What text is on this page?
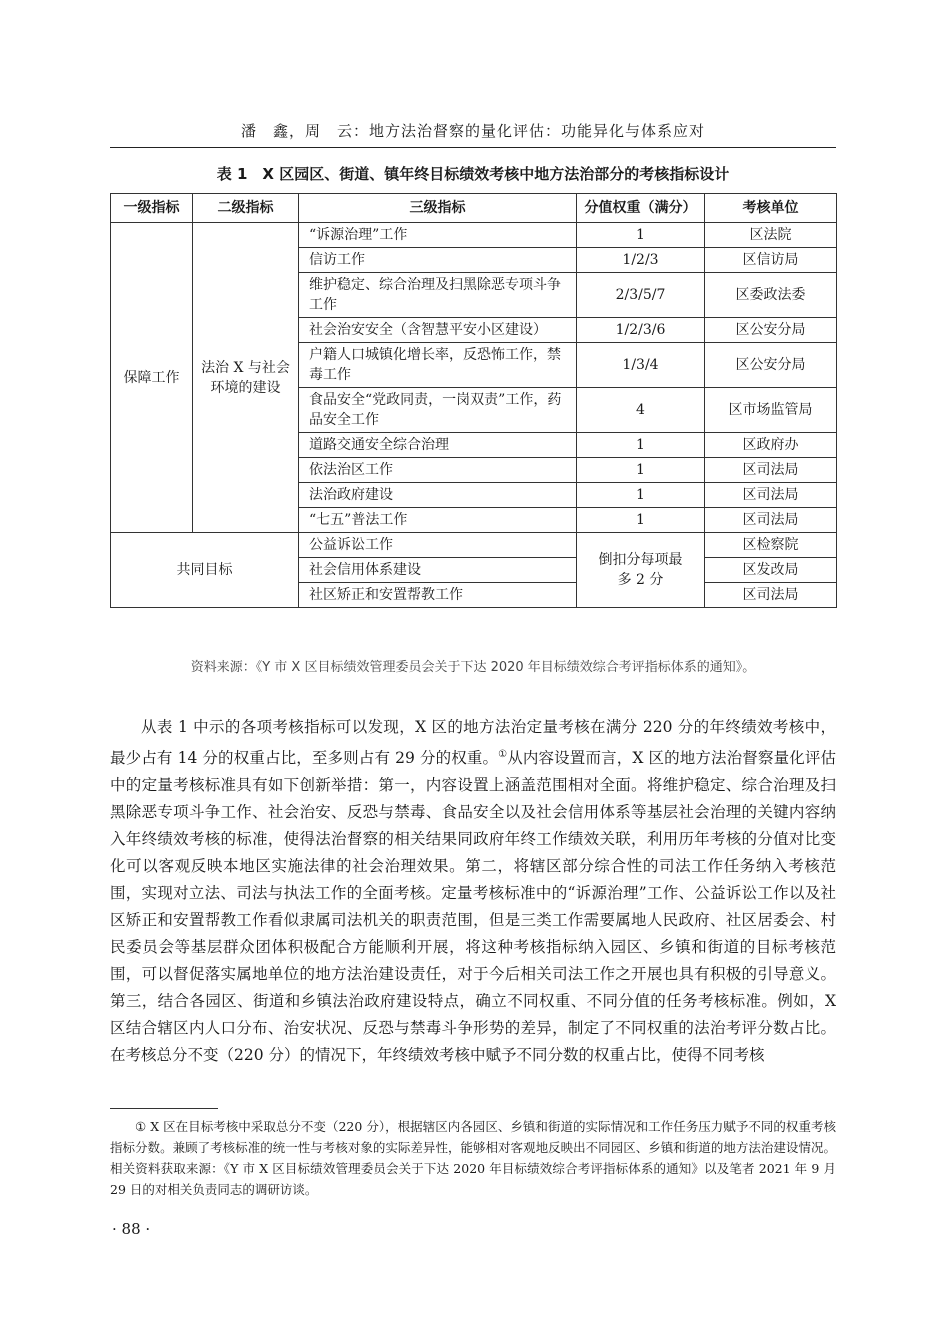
潘　鑫，周　云：地方法治督察的量化评估：功能异化与体系应对
表 1　X 区园区、街道、镇年终目标绩效考核中地方法治部分的考核指标设计
一级指标	二级指标	三级指标	分值权重（满分）	考核单位
保障工作	法治 X 与社会环境的建设	“诉源治理”工作	1	区法院
		信访工作	1/2/3	区信访局
		维护稳定、综合治理及扫黑除恶专项斗争工作	2/3/5/7	区委政法委
		社会治安安全（含智慧平安小区建设）	1/2/3/6	区公安分局
		户籍人口城镇化增长率，反恐怖工作，禁毒工作	1/3/4	区公安分局
		食品安全“党政同责，一岗双责”工作，药品安全工作	4	区市场监管局
		道路交通安全综合治理	1	区政府办
		依法治区工作	1	区司法局
		法治政府建设	1	区司法局
		“七五”普法工作	1	区司法局
共同目标		公益诉讼工作	倒扣分每项最多 2 分	区检察院
		社会信用体系建设		区发改局
		社区矫正和安置帮教工作		区司法局
资料来源：《Y 市 X 区目标绩效管理委员会关于下达 2020 年目标绩效综合考评指标体系的通知》。

从表 1 中示的各项考核指标可以发现，X 区的地方法治定量考核在满分 220 分的年终绩效考核中，最少占有 14 分的权重占比，至多则占有 29 分的权重。①从内容设置而言，X 区的地方法治督察量化评估中的定量考核标准具有如下创新举措：第一，内容设置上涵盖范围相对全面。将维护稳定、综合治理及扫黑除恶专项斗争工作、社会治安、反恐与禁毒、食品安全以及社会信用体系等基层社会治理的关键内容纳入年终绩效考核的标准，使得法治督察的相关结果同政府年终工作绩效关联，利用历年考核的分值对比变化可以客观反映本地区实施法律的社会治理效果。第二，将辖区部分综合性的司法工作任务纳入考核范围，实现对立法、司法与执法工作的全面考核。定量考核标准中的“诉源治理”工作、公益诉讼工作以及社区矫正和安置帮教工作看似隶属司法机关的职责范围，但是三类工作需要属地人民政府、社区居委会、村民委员会等基层群众团体积极配合方能顺利开展，将这种考核指标纳入园区、乡镇和街道的目标考核范围，可以督促落实属地单位的地方法治建设责任，对于今后相关司法工作之开展也具有积极的引导意义。第三，结合各园区、街道和乡镇法治政府建设特点，确立不同权重、不同分值的任务考核标准。例如，X 区结合辖区内人口分布、治安状况、反恐与禁毒斗争形势的差异，制定了不同权重的法治考评分数占比。在考核总分不变（220 分）的情况下，年终绩效考核中赋予不同分数的权重占比，使得不同考核

① X 区在目标考核中采取总分不变（220 分），根据辖区内各园区、乡镇和街道的实际情况和工作任务压力赋予不同的权重考核指标分数。兼顾了考核标准的统一性与考核对象的实际差异性，能够相对客观地反映出不同园区、乡镇和街道的地方法治建设情况。相关资料获取来源：《Y 市 X 区目标绩效管理委员会关于下达 2020 年目标绩效综合考评指标体系的通知》以及笔者 2021 年 9 月 29 日的对相关负责同志的调研访谈。
· 88 ·
